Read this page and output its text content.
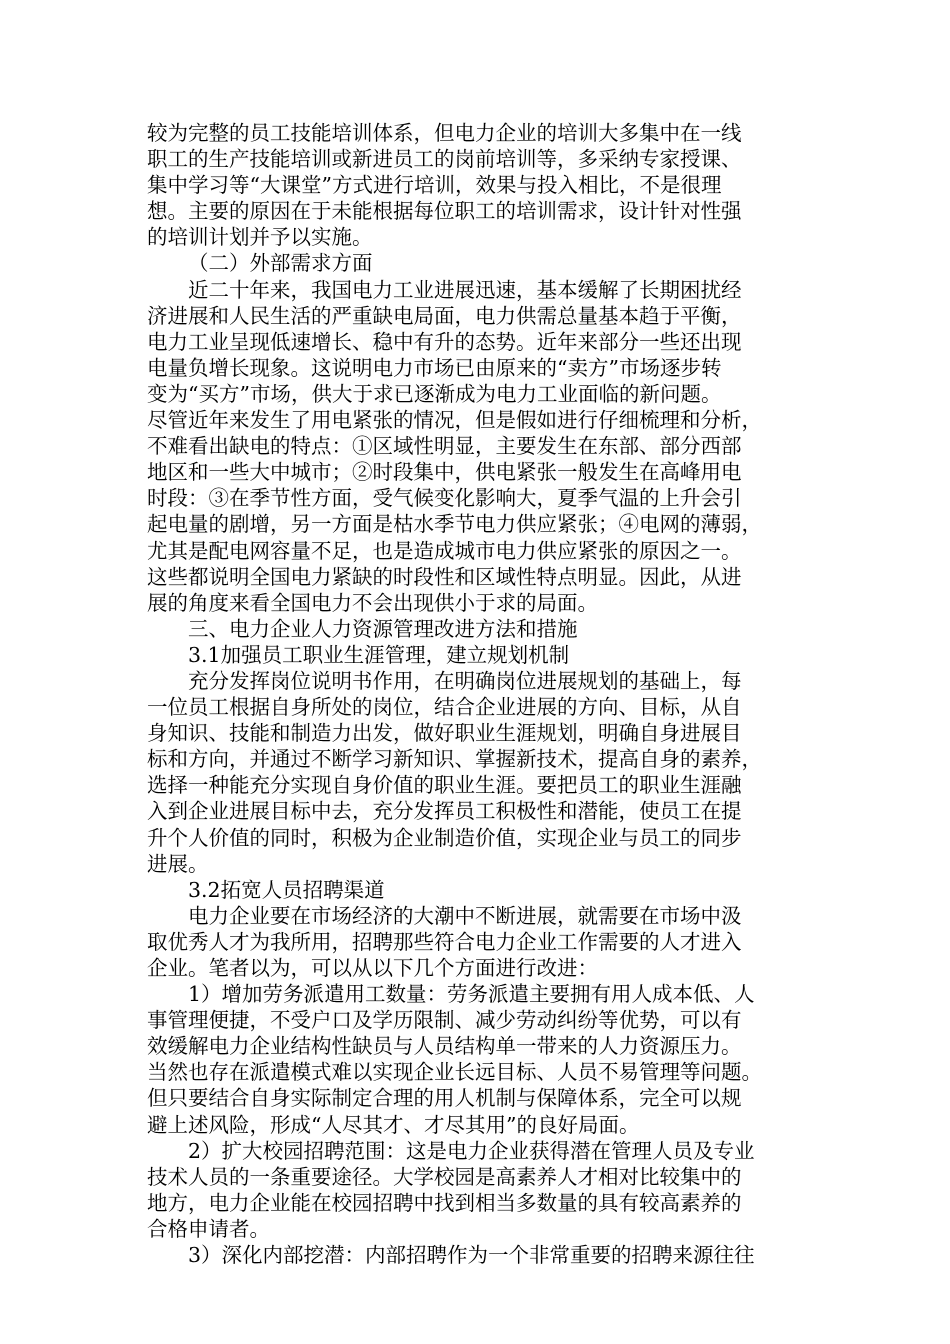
较为完整的员工技能培训体系，但电力企业的培训大多集中在一线
职工的生产技能培训或新进员工的岗前培训等，多采纳专家授课、
集中学习等“大课堂”方式进行培训，效果与投入相比，不是很理
想。主要的原因在于未能根据每位职工的培训需求，设计针对性强
的培训计划并予以实施。
（二）外部需求方面
近二十年来，我国电力工业进展迅速，基本缓解了长期困扰经
济进展和人民生活的严重缺电局面，电力供需总量基本趋于平衡，
电力工业呈现低速增长、稳中有升的态势。近年来部分一些还出现
电量负增长现象。这说明电力市场已由原来的“卖方”市场逐步转
变为“买方”市场，供大于求已逐渐成为电力工业面临的新问题。
尽管近年来发生了用电紧张的情况，但是假如进行仔细梳理和分析，
不难看出缺电的特点：①区域性明显，主要发生在东部、部分西部
地区和一些大中城市；②时段集中，供电紧张一般发生在高峰用电
时段：③在季节性方面，受气候变化影响大，夏季气温的上升会引
起电量的剧增，另一方面是枯水季节电力供应紧张；④电网的薄弱，
尤其是配电网容量不足，也是造成城市电力供应紧张的原因之一。
这些都说明全国电力紧缺的时段性和区域性特点明显。因此，从进
展的角度来看全国电力不会出现供小于求的局面。
三、电力企业人力资源管理改进方法和措施
3.1加强员工职业生涯管理，建立规划机制
充分发挥岗位说明书作用，在明确岗位进展规划的基础上，每
一位员工根据自身所处的岗位，结合企业进展的方向、目标，从自
身知识、技能和制造力出发，做好职业生涯规划，明确自身进展目
标和方向，并通过不断学习新知识、掌握新技术，提高自身的素养，
选择一种能充分实现自身价值的职业生涯。要把员工的职业生涯融
入到企业进展目标中去，充分发挥员工积极性和潜能，使员工在提
升个人价值的同时，积极为企业制造价值，实现企业与员工的同步
进展。
3.2拓宽人员招聘渠道
电力企业要在市场经济的大潮中不断进展，就需要在市场中汲
取优秀人才为我所用，招聘那些符合电力企业工作需要的人才进入
企业。笔者以为，可以从以下几个方面进行改进：
1）增加劳务派遣用工数量：劳务派遣主要拥有用人成本低、人
事管理便捷，不受户口及学历限制、减少劳动纠纷等优势，可以有
效缓解电力企业结构性缺员与人员结构单一带来的人力资源压力。
当然也存在派遣模式难以实现企业长远目标、人员不易管理等问题。
但只要结合自身实际制定合理的用人机制与保障体系，完全可以规
避上述风险，形成“人尽其才、才尽其用”的良好局面。
2）扩大校园招聘范围：这是电力企业获得潜在管理人员及专业
技术人员的一条重要途径。大学校园是高素养人才相对比较集中的
地方，电力企业能在校园招聘中找到相当多数量的具有较高素养的
合格申请者。
3）深化内部挖潜：内部招聘作为一个非常重要的招聘来源往往
